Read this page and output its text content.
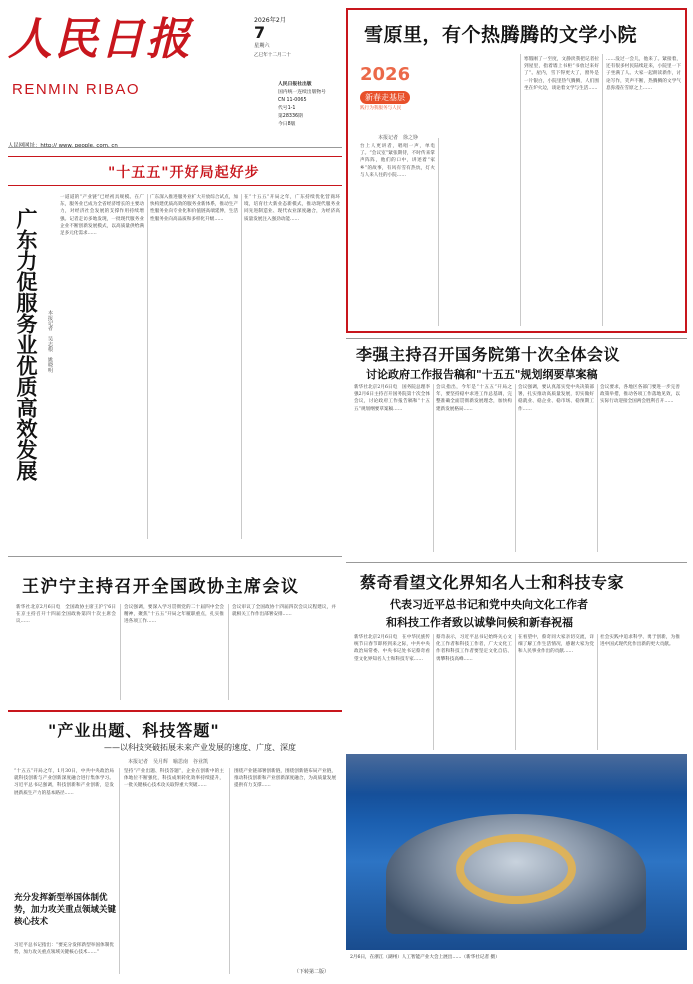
人民日报
RENMIN RIBAO
人民网网址：http:// www. people. com. cn
2026年2月
7
星期六
乙巳年十二月二十
人民日报社出版
国内统一连续出版物号
CN 11-0065
代号1-1
第28336期
今日8版
雪原里，有个热腾腾的文学小院
2026
新春走基层
践行为我服务与人民
本报记者　徐之铮
台上人更讲者，唱唱一声，单电了。“会议室”紧张期待，不时传来掌声阵阵，他们的口中，讲述着“家乡”的故事，有风有雪有热炕，灯火与人来人往的小院……
寒假刚了一至度，文静淡我把记者拉到屋里，指着墙上书柜“书放过来好了”。屋内，雪下得更大了，窗外是一片银白，小院里热气腾腾，人们围坐在炉火边，谈论着文学与生活……
……没过一会儿，他来了。紧接着，还有很多村民陆续赶来，小院里一下子坐满了人。大家一起朗读新作，讨论写作，笑声不断，热腾腾的文学气息弥漫在雪原之上……
"十五五"开好局起好步
广东力促服务业优质高效发展	本报记者　吴志根　姚晓明
一道道的“产业链”已经初具规模。在广东，服务业已成为全省经济增长的主要动力，对经济社会发展的支撑作用持续增强。记者走访多地发现，一批现代服务业企业不断创新发展模式，以高质量供给满足多元化需求……
广东深入推进服务业扩大开放综合试点，加快构建优质高效的服务业新体系，推动生产性服务业向专业化和价值链高端延伸，生活性服务业向高品质和多样化升级……
在“十五五”开局之年，广东持续优化营商环境，培育壮大新业态新模式，推动现代服务业同先进制造业、现代农业深度融合，为经济高质量发展注入强劲动能……
李强主持召开国务院第十次全体会议
讨论政府工作报告稿和"十五五"规划纲要草案稿
新华社北京2月6日电　国务院总理李强2月6日主持召开国务院第十次全体会议，讨论政府工作报告稿和“十五五”规划纲要草案稿……
会议指出，今年是“十五五”开局之年，要坚持稳中求进工作总基调，完整准确全面贯彻新发展理念，加快构建新发展格局……
会议强调，要认真落实党中央决策部署，扎实推动高质量发展，切实做好稳就业、稳企业、稳市场、稳预期工作……
会议要求，各地区各部门要进一步完善政策举措，推动各项工作落地见效，以实际行动迎接全国两会胜利召开……
王沪宁主持召开全国政协主席会议
新华社北京2月6日电　全国政协主席王沪宁6日在京主持召开十四届全国政协第四十次主席会议……
会议强调，要深入学习贯彻党的二十届四中全会精神，聚焦“十五五”开局之年履职重点，扎实推进各项工作……
会议审议了全国政协十四届四次会议议程建议，并就相关工作作出部署安排……
蔡奇看望文化界知名人士和科技专家
代表习近平总书记和党中央向文化工作者
和科技工作者致以诚挚问候和新春祝福
新华社北京2月6日电　在中华民族传统节日春节即将到来之际，中共中央政治局常委、中央书记处书记蔡奇看望文化界知名人士和科技专家……
蔡奇表示，习近平总书记始终关心文化工作者和科技工作者，广大文化工作者和科技工作者要坚定文化自信、勇攀科技高峰……
在看望中，蔡奇同大家亲切交流，详细了解工作生活情况，感谢大家为党和人民事业作出的贡献……
社会实践中追求科学、勇于创新，为推进中国式现代化作出新的更大贡献。
2月6日，在浙江（湖州）人工智能产业大会上展出……（新华社记者 摄）
"产业出题、科技答题"
——以科技突破拓展未来产业发展的速度、广度、深度
本报记者　吴月辉　喻思南　谷业凯
“十五五”开局之年，1月30日，中共中央政治局就科技创新与产业创新深度融合进行集体学习。习近平总书记强调，科技创新和产业创新，是发展新质生产力的基本路径……
坚持“产业出题、科技答题”，企业在创新中的主体地位不断强化，科技成果转化效率持续提升，一批关键核心技术攻关取得重大突破……
围绕产业链部署创新链，围绕创新链布局产业链，推动科技创新和产业创新深度融合，为高质量发展提供有力支撑……
充分发挥新型举国体制优势，加力攻关重点领域关键核心技术
习近平总书记指出：“要充分发挥新型举国体制优势，加力攻关重点领域关键核心技术……”
（下转第二版）
